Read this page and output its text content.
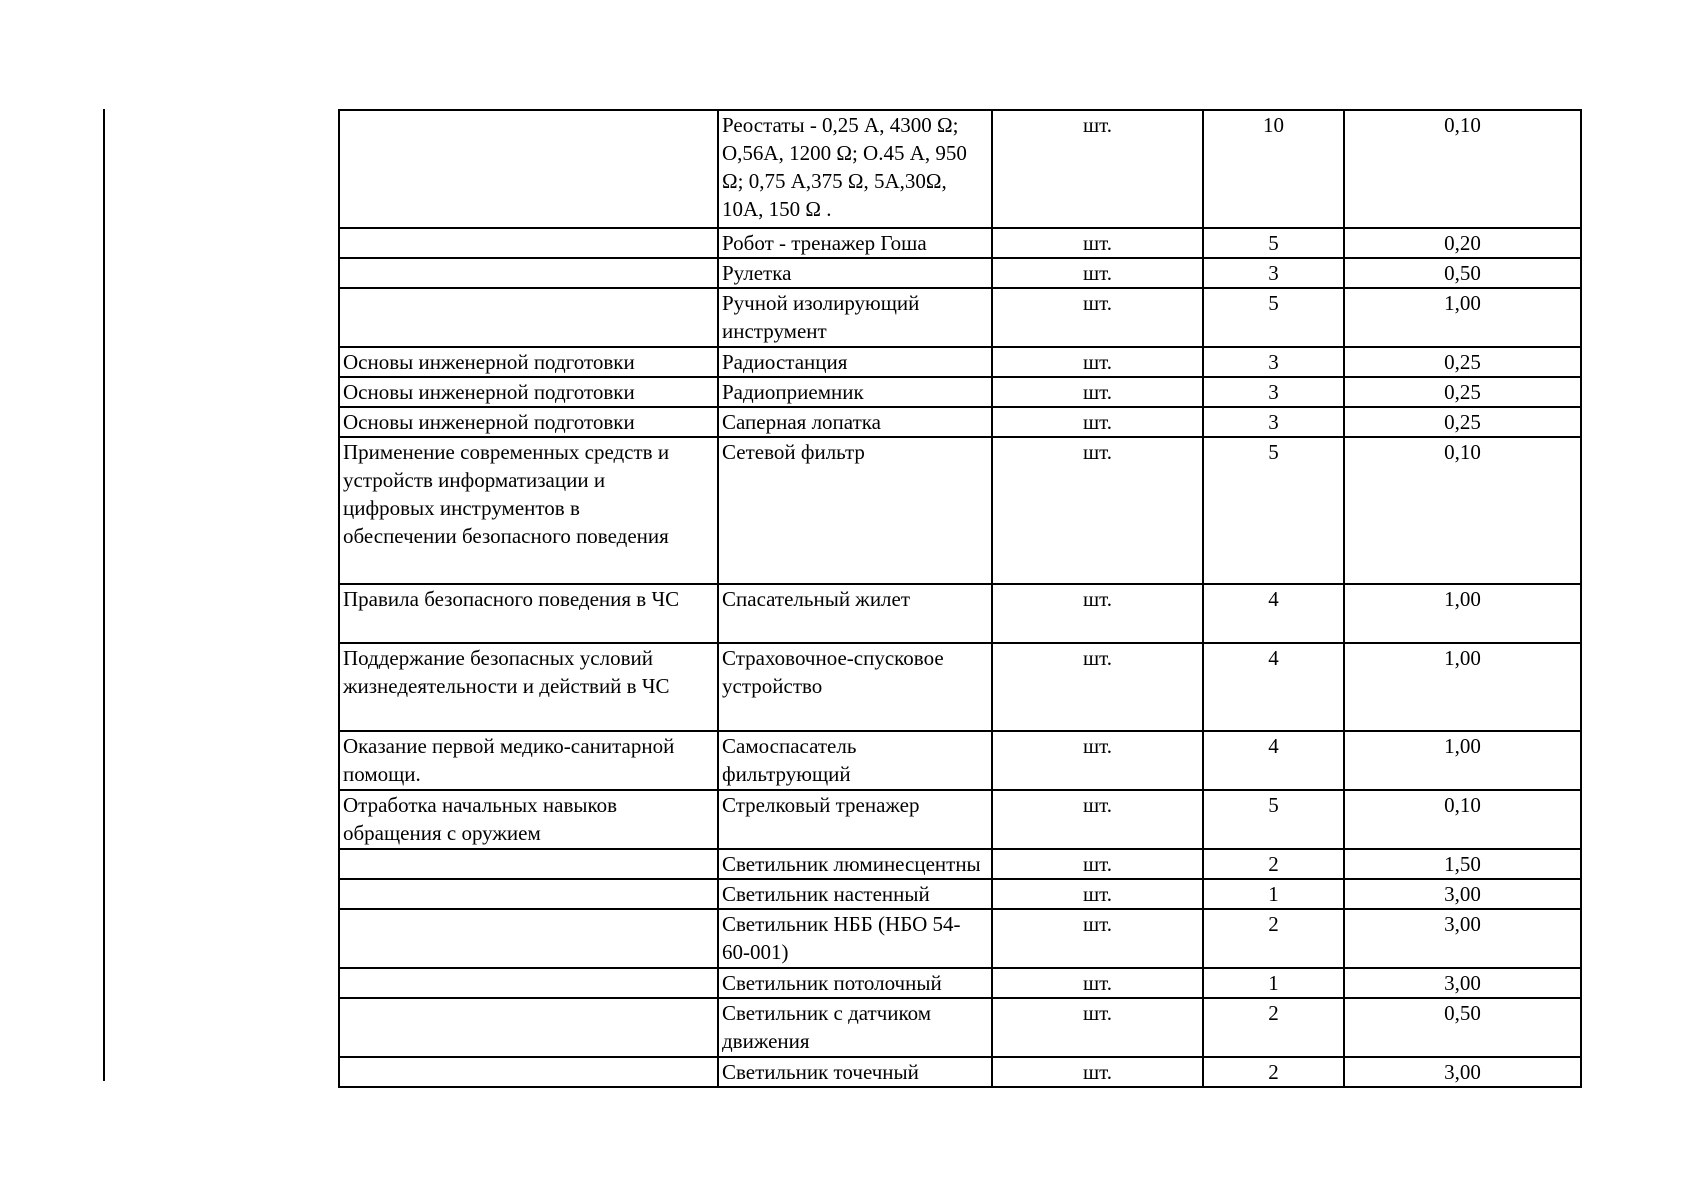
	Реостаты - 0,25 А, 4300 Ω;
О,56А, 1200 Ω; О.45 А, 950
Ω; 0,75 А,375 Ω, 5А,30Ω,
10А, 150 Ω .	шт.	10	0,10
	Робот - тренажер Гоша	шт.	5	0,20
	Рулетка	шт.	3	0,50
	Ручной изолирующий
инструмент	шт.	5	1,00
Основы инженерной подготовки	Радиостанция	шт.	3	0,25
Основы инженерной подготовки	Радиоприемник	шт.	3	0,25
Основы инженерной подготовки	Саперная лопатка	шт.	3	0,25
Применение современных средств и
устройств информатизации и
цифровых инструментов в
обеспечении безопасного поведения	Сетевой фильтр	шт.	5	0,10
Правила безопасного поведения в ЧС	Спасательный жилет	шт.	4	1,00
Поддержание безопасных условий
жизнедеятельности и действий в ЧС	Страховочное-спусковое
устройство	шт.	4	1,00
Оказание первой медико-санитарной
помощи.	Самоспасатель
фильтрующий	шт.	4	1,00
Отработка начальных навыков
обращения с оружием	Стрелковый тренажер	шт.	5	0,10
	Светильник люминесцентны	шт.	2	1,50
	Светильник настенный	шт.	1	3,00
	Светильник НББ (НБО 54-
60-001)	шт.	2	3,00
	Светильник потолочный	шт.	1	3,00
	Светильник с датчиком
движения	шт.	2	0,50
	Светильник точечный	шт.	2	3,00
